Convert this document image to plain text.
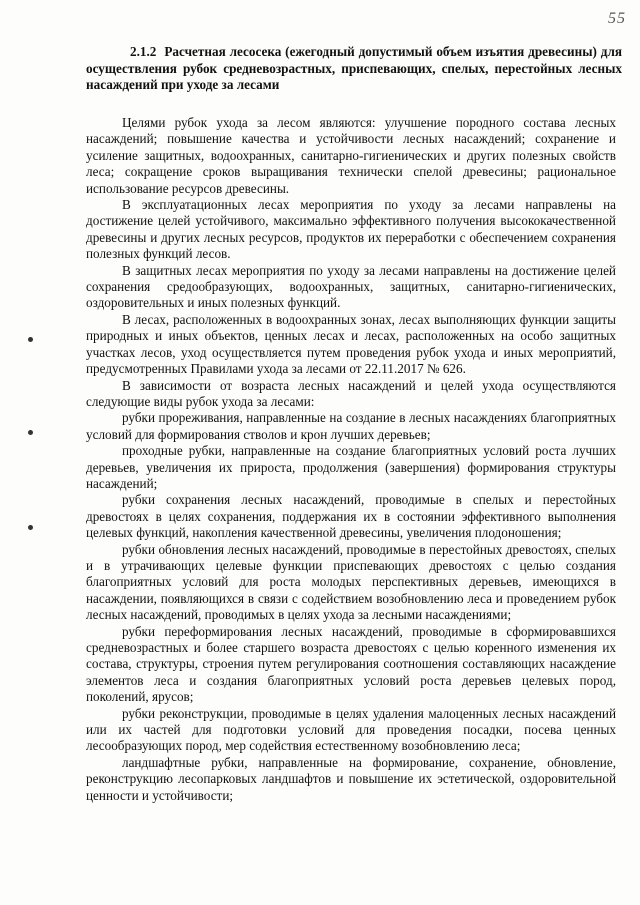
55
2.1.2 Расчетная лесосека (ежегодный допустимый объем изъятия древесины) для осуществления рубок средневозрастных, приспевающих, спелых, перестойных лесных насаждений при уходе за лесами

Целями рубок ухода за лесом являются: улучшение породного состава лесных насаждений; повышение качества и устойчивости лесных насаждений; сохранение и усиление защитных, водоохранных, санитарно-гигиенических и других полезных свойств леса; сокращение сроков выращивания технически спелой древесины; рациональное использование ресурсов древесины.

В эксплуатационных лесах мероприятия по уходу за лесами направлены на достижение целей устойчивого, максимально эффективного получения высококачественной древесины и других лесных ресурсов, продуктов их переработки с обеспечением сохранения полезных функций лесов.

В защитных лесах мероприятия по уходу за лесами направлены на достижение целей сохранения средообразующих, водоохранных, защитных, санитарно-гигиенических, оздоровительных и иных полезных функций.

В лесах, расположенных в водоохранных зонах, лесах выполняющих функции защиты природных и иных объектов, ценных лесах и лесах, расположенных на особо защитных участках лесов, уход осуществляется путем проведения рубок ухода и иных мероприятий, предусмотренных Правилами ухода за лесами от 22.11.2017 № 626.

В зависимости от возраста лесных насаждений и целей ухода осуществляются следующие виды рубок ухода за лесами:

рубки прореживания, направленные на создание в лесных насаждениях благоприятных условий для формирования стволов и крон лучших деревьев;

проходные рубки, направленные на создание благоприятных условий роста лучших деревьев, увеличения их прироста, продолжения (завершения) формирования структуры насаждений;

рубки сохранения лесных насаждений, проводимые в спелых и перестойных древостоях в целях сохранения, поддержания их в состоянии эффективного выполнения целевых функций, накопления качественной древесины, увеличения плодоношения;

рубки обновления лесных насаждений, проводимые в перестойных древостоях, спелых и в утрачивающих целевые функции приспевающих древостоях с целью создания благоприятных условий для роста молодых перспективных деревьев, имеющихся в насаждении, появляющихся в связи с содействием возобновлению леса и проведением рубок лесных насаждений, проводимых в целях ухода за лесными насаждениями;

рубки переформирования лесных насаждений, проводимые в сформировавшихся средневозрастных и более старшего возраста древостоях с целью коренного изменения их состава, структуры, строения путем регулирования соотношения составляющих насаждение элементов леса и создания благоприятных условий роста деревьев целевых пород, поколений, ярусов;

рубки реконструкции, проводимые в целях удаления малоценных лесных насаждений или их частей для подготовки условий для проведения посадки, посева ценных лесообразующих пород, мер содействия естественному возобновлению леса;

ландшафтные рубки, направленные на формирование, сохранение, обновление, реконструкцию лесопарковых ландшафтов и повышение их эстетической, оздоровительной ценности и устойчивости;
